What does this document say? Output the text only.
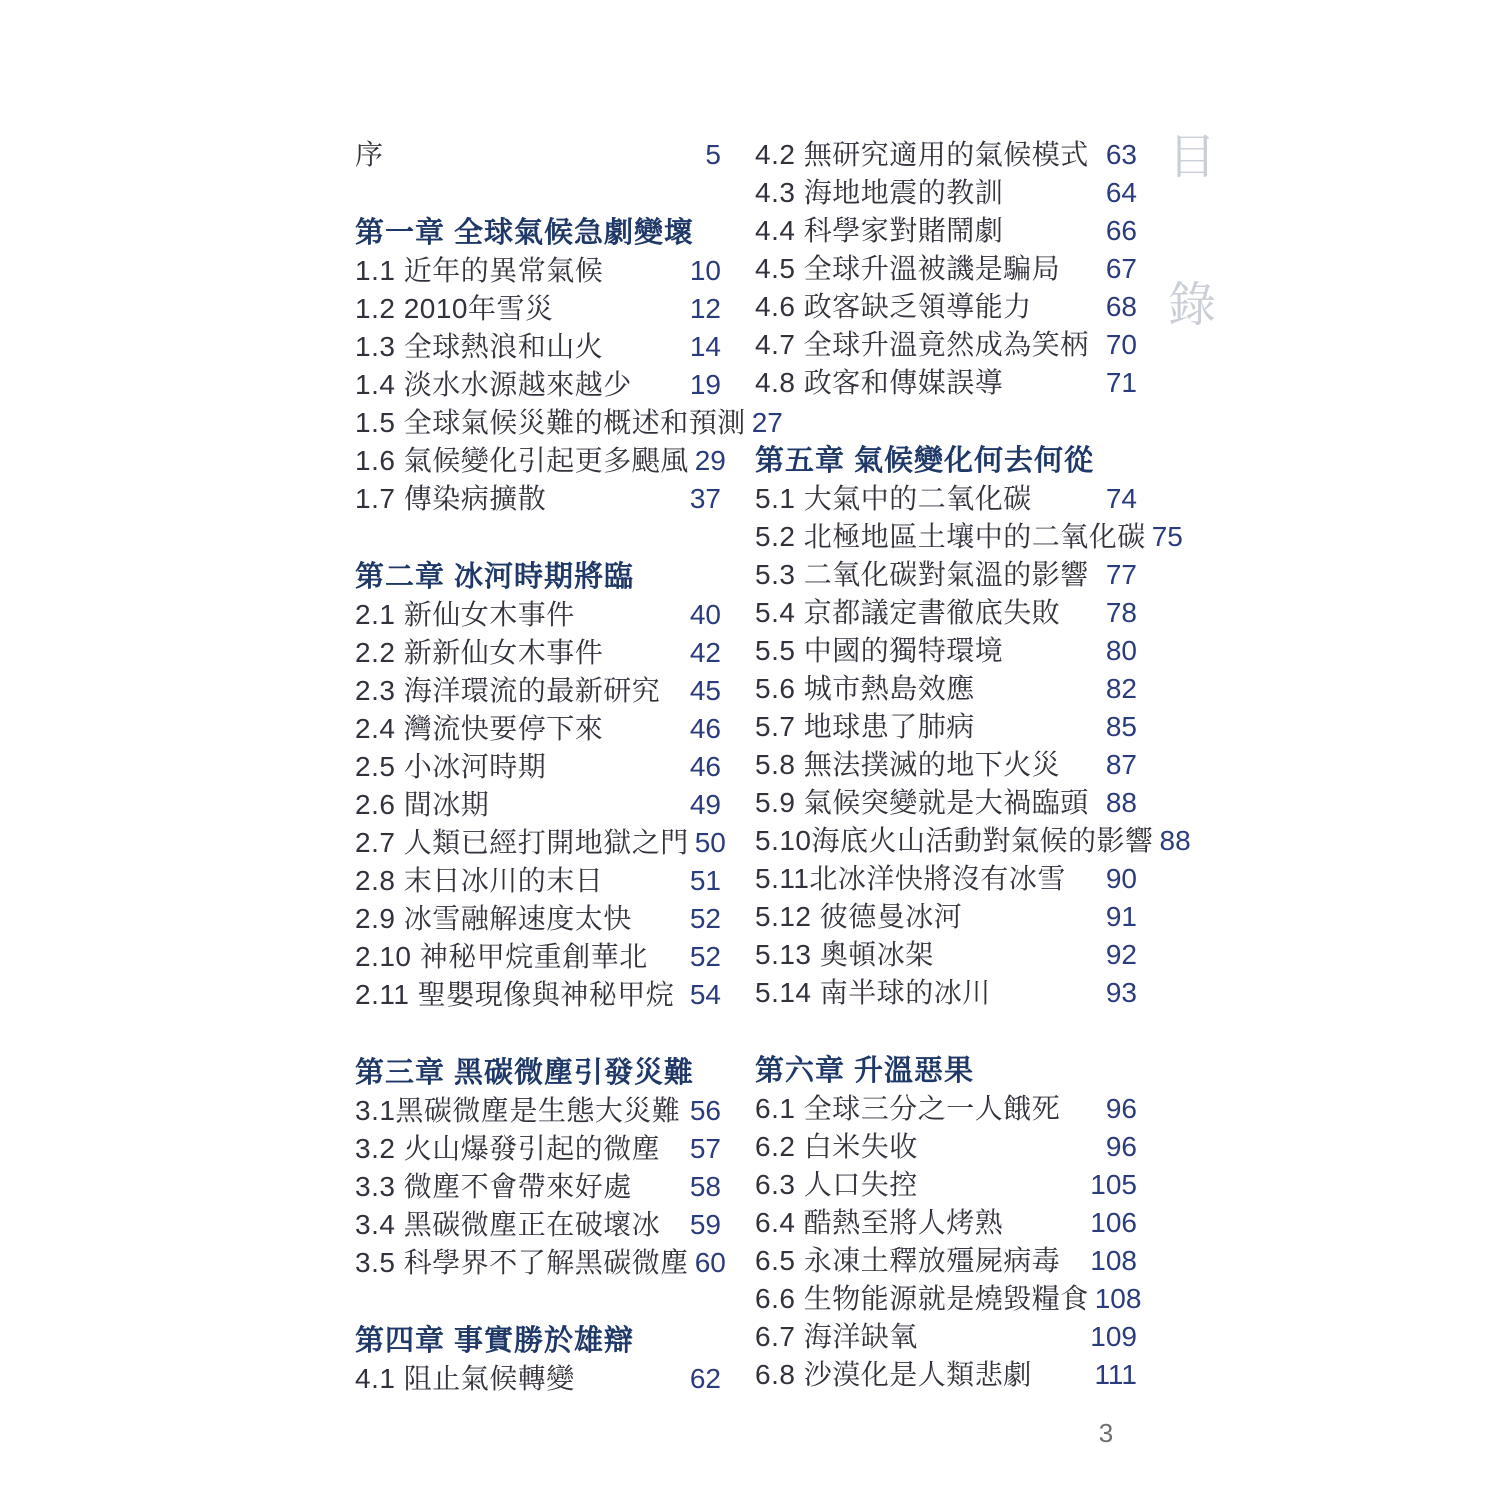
序	5
第一章 全球氣候急劇變壞
1.1 近年的異常氣候	10
1.2 2010年雪災	12
1.3 全球熱浪和山火	14
1.4 淡水水源越來越少 19
1.5 全球氣候災難的概述和預測 27
1.6 氣候變化引起更多颶風 29
1.7 傳染病擴散	37
第二章 冰河時期將臨
2.1 新仙女木事件	40
2.2 新新仙女木事件	42
2.3 海洋環流的最新研究 45
2.4 灣流快要停下來	46
2.5 小冰河時期	46
2.6 間冰期	49
2.7 人類已經打開地獄之門 50
2.8 末日冰川的末日	51
2.9 冰雪融解速度太快 52
2.10 神秘甲烷重創華北 52
2.11 聖嬰現像與神秘甲烷 54
第三章 黑碳微塵引發災難
3.1黑碳微塵是生態大災難 56
3.2 火山爆發引起的微塵 57
3.3 微塵不會帶來好處 58
3.4 黑碳微塵正在破壞冰 59
3.5 科學界不了解黑碳微塵 60
第四章 事實勝於雄辯
4.1 阻止氣候轉變	62
4.2 無研究適用的氣候模式 63
4.3 海地地震的教訓	64
4.4 科學家對賭鬧劇	66
4.5 全球升溫被譏是騙局 67
4.6 政客缺乏領導能力	68
4.7 全球升溫竟然成為笑柄 70
4.8 政客和傳媒誤導	71
第五章 氣候變化何去何從
5.1 大氣中的二氧化碳	74
5.2 北極地區土壤中的二氧化碳 75
5.3 二氧化碳對氣溫的影響 77
5.4 京都議定書徹底失敗 78
5.5 中國的獨特環境	80
5.6 城市熱島效應	82
5.7 地球患了肺病	85
5.8 無法撲滅的地下火災 87
5.9 氣候突變就是大禍臨頭 88
5.10海底火山活動對氣候的影響 88
5.11北冰洋快將沒有冰雪 90
5.12 彼德曼冰河	91
5.13 奧頓冰架	92
5.14 南半球的冰川	93
第六章 升溫惡果
6.1 全球三分之一人餓死 96
6.2 白米失收	96
6.3 人口失控	105
6.4 酷熱至將人烤熟	106
6.5 永凍土釋放殭屍病毒 108
6.6 生物能源就是燒毀糧食 108
6.7 海洋缺氧	109
6.8 沙漠化是人類悲劇 111
目
錄
3
